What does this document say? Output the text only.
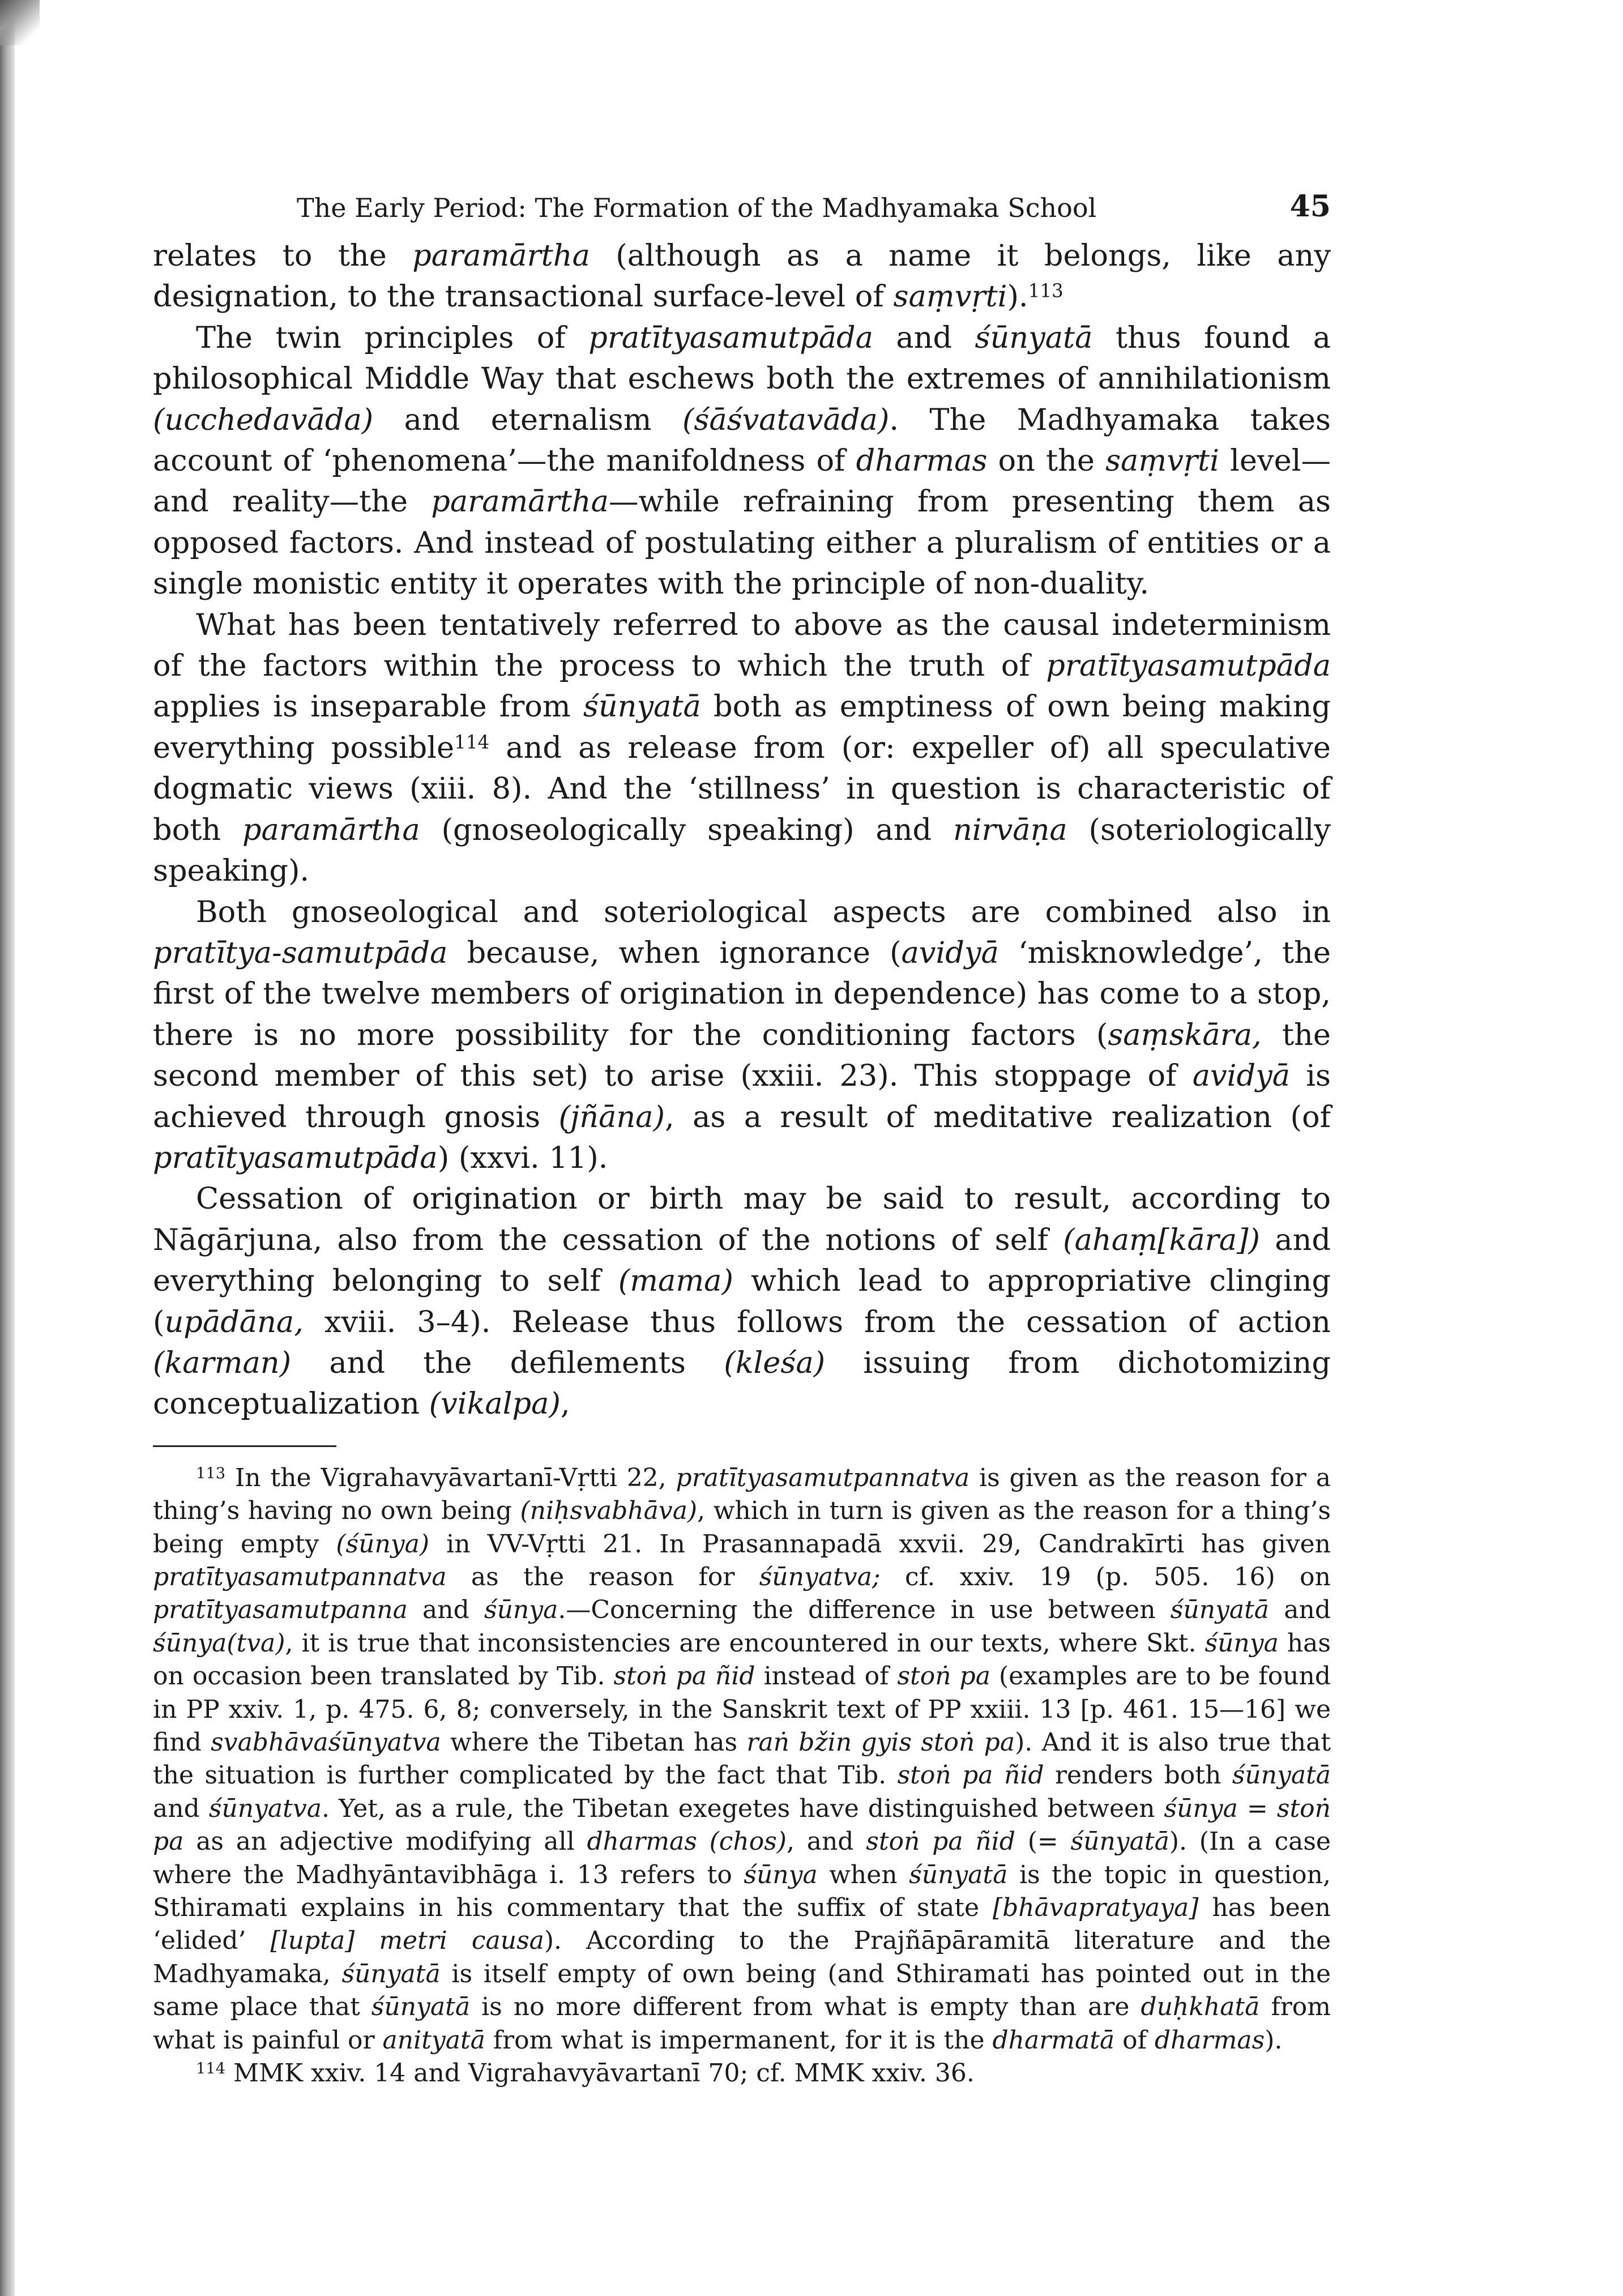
The Early Period: The Formation of the Madhyamaka School	45

relates to the paramārtha (although as a name it belongs, like any designation, to the transactional surface-level of saṃvṛti).$^{113}$

The twin principles of pratītyasamutpāda and śūnyatā thus found a philosophical Middle Way that eschews both the extremes of annihilationism (ucchedavāda) and eternalism (śāśvatavāda). The Madhyamaka takes account of ‘phenomena’—the manifoldness of dharmas on the saṃvṛti level—and reality—the paramārtha—while refraining from presenting them as opposed factors. And instead of postulating either a pluralism of entities or a single monistic entity it operates with the principle of non-duality.

What has been tentatively referred to above as the causal indeterminism of the factors within the process to which the truth of pratītyasamutpāda applies is inseparable from śūnyatā both as emptiness of own being making everything possible$^{114}$ and as release from (or: expeller of) all speculative dogmatic views (xiii. 8). And the ‘stillness’ in question is characteristic of both paramārtha (gnoseologically speaking) and nirvāṇa (soteriologically speaking).

Both gnoseological and soteriological aspects are combined also in pratītya-samutpāda because, when ignorance (avidyā ‘misknowledge’, the first of the twelve members of origination in dependence) has come to a stop, there is no more possibility for the conditioning factors (saṃskāra, the second member of this set) to arise (xxiii. 23). This stoppage of avidyā is achieved through gnosis (jñāna), as a result of meditative realization (of pratītyasamutpāda) (xxvi. 11).

Cessation of origination or birth may be said to result, according to Nāgārjuna, also from the cessation of the notions of self (ahaṃ[kāra]) and everything belonging to self (mama) which lead to appropriative clinging (upādāna, xviii. 3–4). Release thus follows from the cessation of action (karman) and the defilements (kleśa) issuing from dichotomizing conceptualization (vikalpa),

$^{113}$ In the Vigrahavyāvartanī-Vṛtti 22, pratītyasamutpannatva is given as the reason for a thing’s having no own being (niḥsvabhāva), which in turn is given as the reason for a thing’s being empty (śūnya) in VV-Vṛtti 21. In Prasannapadā xxvii. 29, Candrakīrti has given pratītyasamutpannatva as the reason for śūnyatva; cf. xxiv. 19 (p. 505. 16) on pratītyasamutpanna and śūnya.—Concerning the difference in use between śūnyatā and śūnya(tva), it is true that inconsistencies are encountered in our texts, where Skt. śūnya has on occasion been translated by Tib. stoṅ pa ñid instead of stoṅ pa (examples are to be found in PP xxiv. 1, p. 475. 6, 8; conversely, in the Sanskrit text of PP xxiii. 13 [p. 461. 15—16] we find svabhāvaśūnyatva where the Tibetan has raṅ bžin gyis stoṅ pa). And it is also true that the situation is further complicated by the fact that Tib. stoṅ pa ñid renders both śūnyatā and śūnyatva. Yet, as a rule, the Tibetan exegetes have distinguished between śūnya = stoṅ pa as an adjective modifying all dharmas (chos), and stoṅ pa ñid (= śūnyatā). (In a case where the Madhyāntavibhāga i. 13 refers to śūnya when śūnyatā is the topic in question, Sthiramati explains in his commentary that the suffix of state [bhāvapratyaya] has been ‘elided’ [lupta] metri causa). According to the Prajñāpāramitā literature and the Madhyamaka, śūnyatā is itself empty of own being (and Sthiramati has pointed out in the same place that śūnyatā is no more different from what is empty than are duḥkhatā from what is painful or anityatā from what is impermanent, for it is the dharmatā of dharmas).

$^{114}$ MMK xxiv. 14 and Vigrahavyāvartanī 70; cf. MMK xxiv. 36.
